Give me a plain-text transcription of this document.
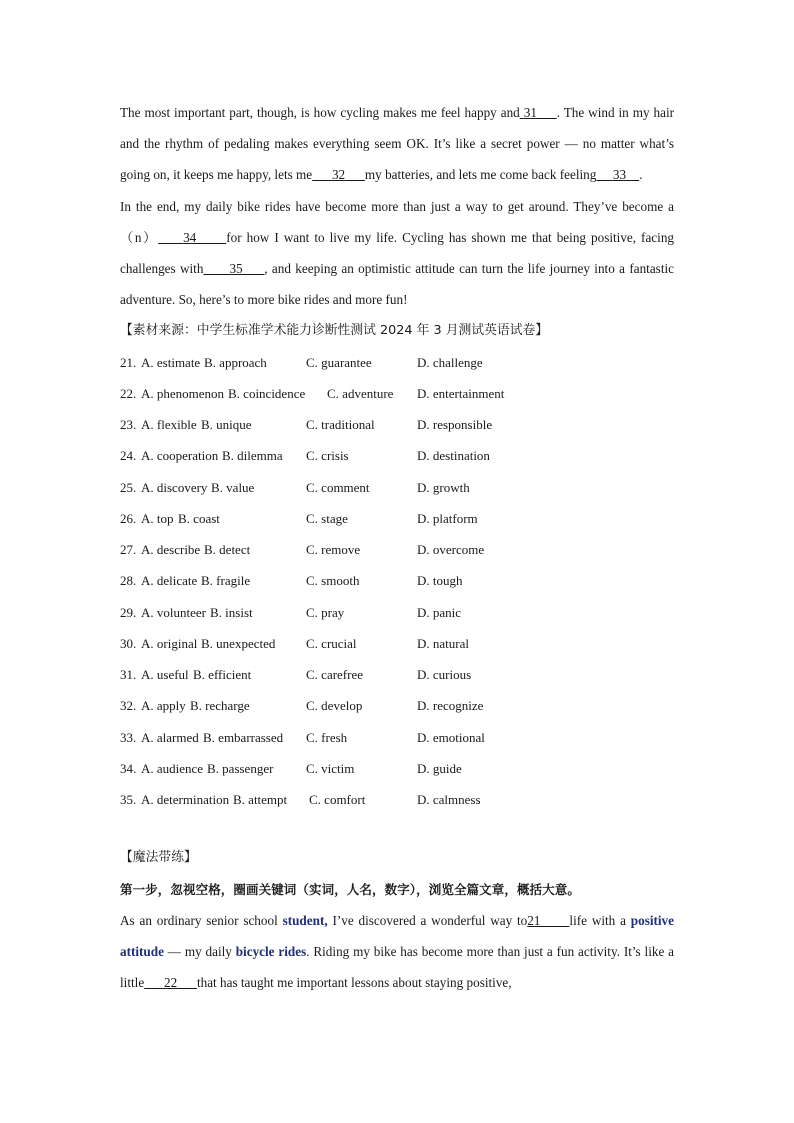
The most important part, though, is how cycling makes me feel happy and 31 . The wind in my hair and the rhythm of pedaling makes everything seem OK. It’s like a secret power — no matter what’s going on, it keeps me happy, lets me 32 my batteries, and lets me come back feeling 33 .

In the end, my daily bike rides have become more than just a way to get around. They’ve become a（n） 34 for how I want to live my life. Cycling has shown me that being positive, facing challenges with 35 , and keeping an optimistic attitude can turn the life journey into a fantastic adventure. So, here’s to more bike rides and more fun!

【素材来源：中学生标准学术能力诊断性测试 2024 年 3 月测试英语试卷】

21. A. estimate B. approach	C. guarantee	D. challenge
22. A. phenomenon B. coincidence C. adventure D. entertainment
23. A. flexible B. unique	C. traditional	D. responsible
24. A. cooperation B. dilemma C. crisis	D. destination
25. A. discovery B. value	C. comment	D. growth
26. A. top B. coast	C. stage	D. platform
27. A. describe B. detect	C. remove	D. overcome
28. A. delicate B. fragile	C. smooth	D. tough
29. A. volunteer B. insist	C. pray	D. panic
30. A. original B. unexpected C. crucial	D. natural
31. A. useful B. efficient	C. carefree	D. curious
32. A. apply B. recharge	C. develop	D. recognize
33. A. alarmed B. embarrassed C. fresh	D. emotional
34. A. audience B. passenger	C. victim	D. guide
35. A. determination B. attempt C. comfort	D. calmness

【魔法带练】

第一步，忽视空格，圈画关键词（实词，人名，数字），浏览全篇文章，概括大意。

As an ordinary senior school student, I’ve discovered a wonderful way to21 life with a positive attitude — my daily bicycle rides. Riding my bike has become more than just a fun activity. It’s like a little 22 that has taught me important lessons about staying positive,
